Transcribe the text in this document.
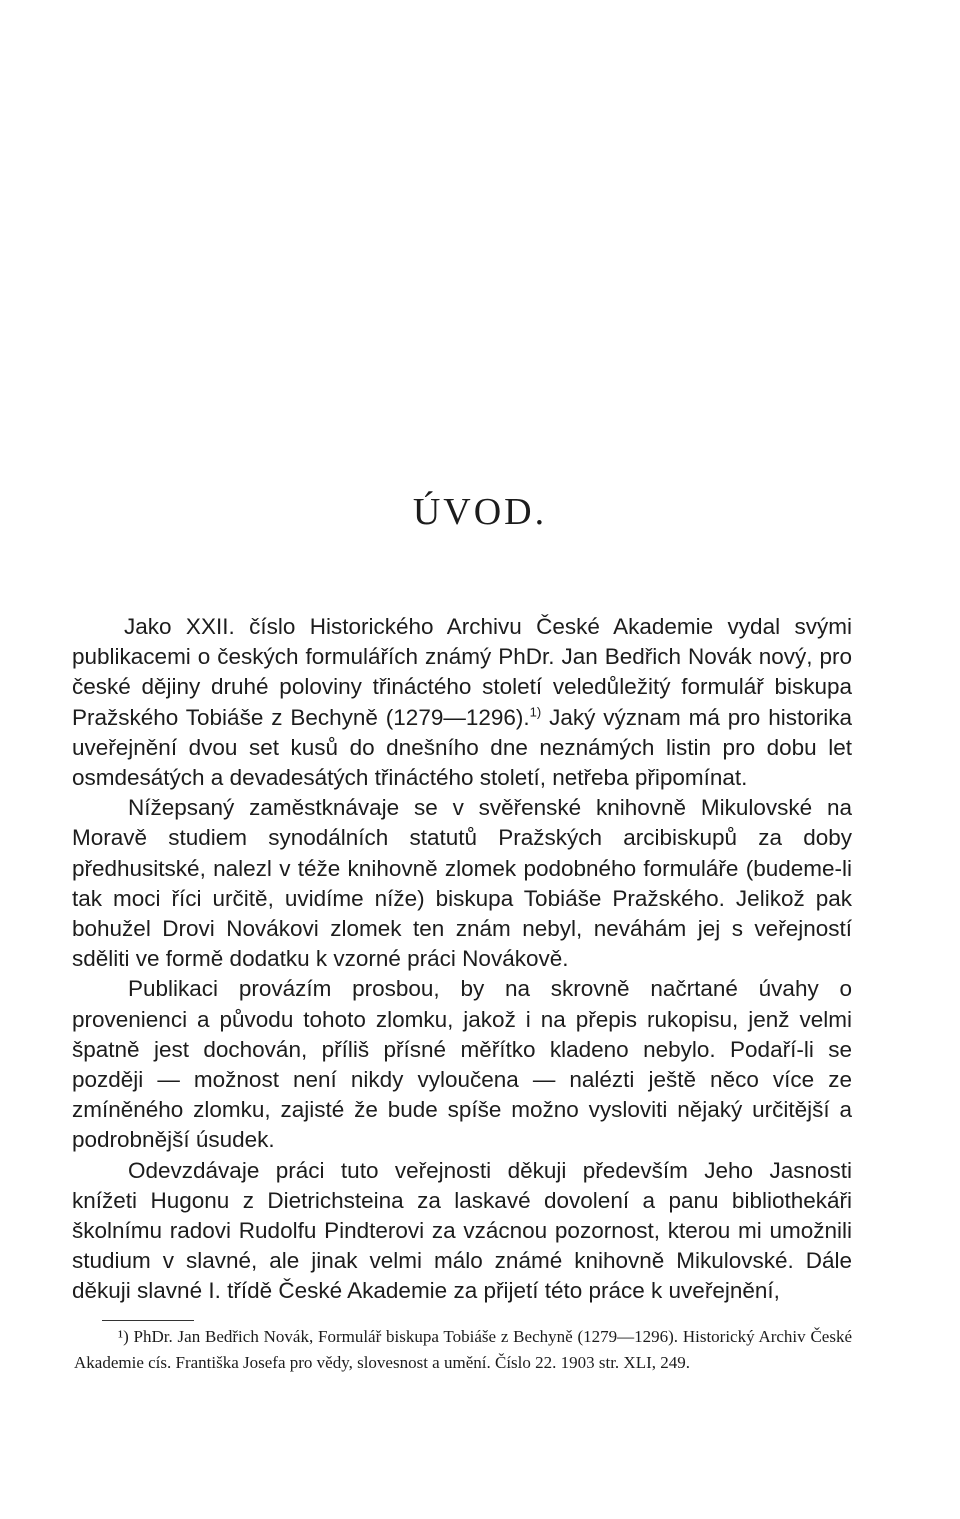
ÚVOD.

Jako XXII. číslo Historického Archivu České Akademie vydal svými publikacemi o českých formulářích známý PhDr. Jan Bedřich Novák nový, pro české dějiny druhé poloviny třináctého století veledůležitý formulář biskupa Pražského Tobiáše z Bechyně (1279—1296).$^{1)}$ Jaký význam má pro historika uveřejnění dvou set kusů do dnešního dne neznámých listin pro dobu let osmdesátých a devadesátých třináctého století, netřeba připomínat.

Nížepsaný zaměstknávaje se v svěřenské knihovně Mikulovské na Moravě studiem synodálních statutů Pražských arcibiskupů za doby předhusitské, nalezl v téže knihovně zlomek podobného formuláře (budeme-li tak moci říci určitě, uvidíme níže) biskupa Tobiáše Pražského. Jelikož pak bohužel Drovi Novákovi zlomek ten znám nebyl, neváhám jej s veřejností sděliti ve formě dodatku k vzorné práci Novákově.

Publikaci provázím prosbou, by na skrovně načrtané úvahy o provenienci a původu tohoto zlomku, jakož i na přepis rukopisu, jenž velmi špatně jest dochován, příliš přísné měřítko kladeno nebylo. Podaří-li se později — možnost není nikdy vyloučena — nalézti ještě něco více ze zmíněného zlomku, zajisté že bude spíše možno vysloviti nějaký určitější a podrobnější úsudek.

Odevzdávaje práci tuto veřejnosti děkuji především Jeho Jasnosti knížeti Hugonu z Dietrichsteina za laskavé dovolení a panu bibliothekáři školnímu radovi Rudolfu Pindterovi za vzácnou pozornost, kterou mi umožnili studium v slavné, ale jinak velmi málo známé knihovně Mikulovské. Dále děkuji slavné I. třídě České Akademie za přijetí této práce k uveřejnění,

¹) PhDr. Jan Bedřich Novák, Formulář biskupa Tobiáše z Bechyně (1279—1296). Historický Archiv České Akademie cís. Františka Josefa pro vědy, slovesnost a umění. Číslo 22. 1903 str. XLI, 249.
